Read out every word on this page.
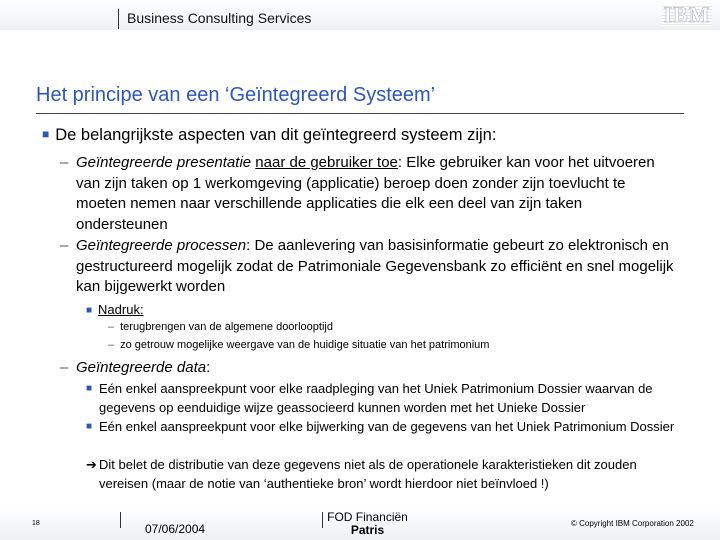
Business Consulting Services	IBM
Het principe van een ‘Geïntegreerd Systeem’
■ De belangrijkste aspecten van dit geïntegreerd systeem zijn:
– Geïntegreerde presentatie naar de gebruiker toe: Elke gebruiker kan voor het uitvoeren van zijn taken op 1 werkomgeving (applicatie) beroep doen zonder zijn toevlucht te moeten nemen naar verschillende applicaties die elk een deel van zijn taken ondersteunen
– Geïntegreerde processen: De aanlevering van basisinformatie gebeurt zo elektronisch en gestructureerd mogelijk zodat de Patrimoniale Gegevensbank zo efficiënt en snel mogelijk kan bijgewerkt worden
■ Nadruk:
– terugbrengen van de algemene doorlooptijd
– zo getrouw mogelijke weergave van de huidige situatie van het patrimonium
– Geïntegreerde data:
■ Eén enkel aanspreekpunt voor elke raadpleging van het Uniek Patrimonium Dossier waarvan de gegevens op eenduidige wijze geassocieerd kunnen worden met het Unieke Dossier
■ Eén enkel aanspreekpunt voor elke bijwerking van de gegevens van het Uniek Patrimonium Dossier
➔ Dit belet de distributie van deze gegevens niet als de operationele karakteristieken dit zouden vereisen (maar de notie van ‘authentieke bron’ wordt hierdoor niet beïnvloed !)
18	07/06/2004
FOD Financiën
Patris	© Copyright IBM Corporation 2002
